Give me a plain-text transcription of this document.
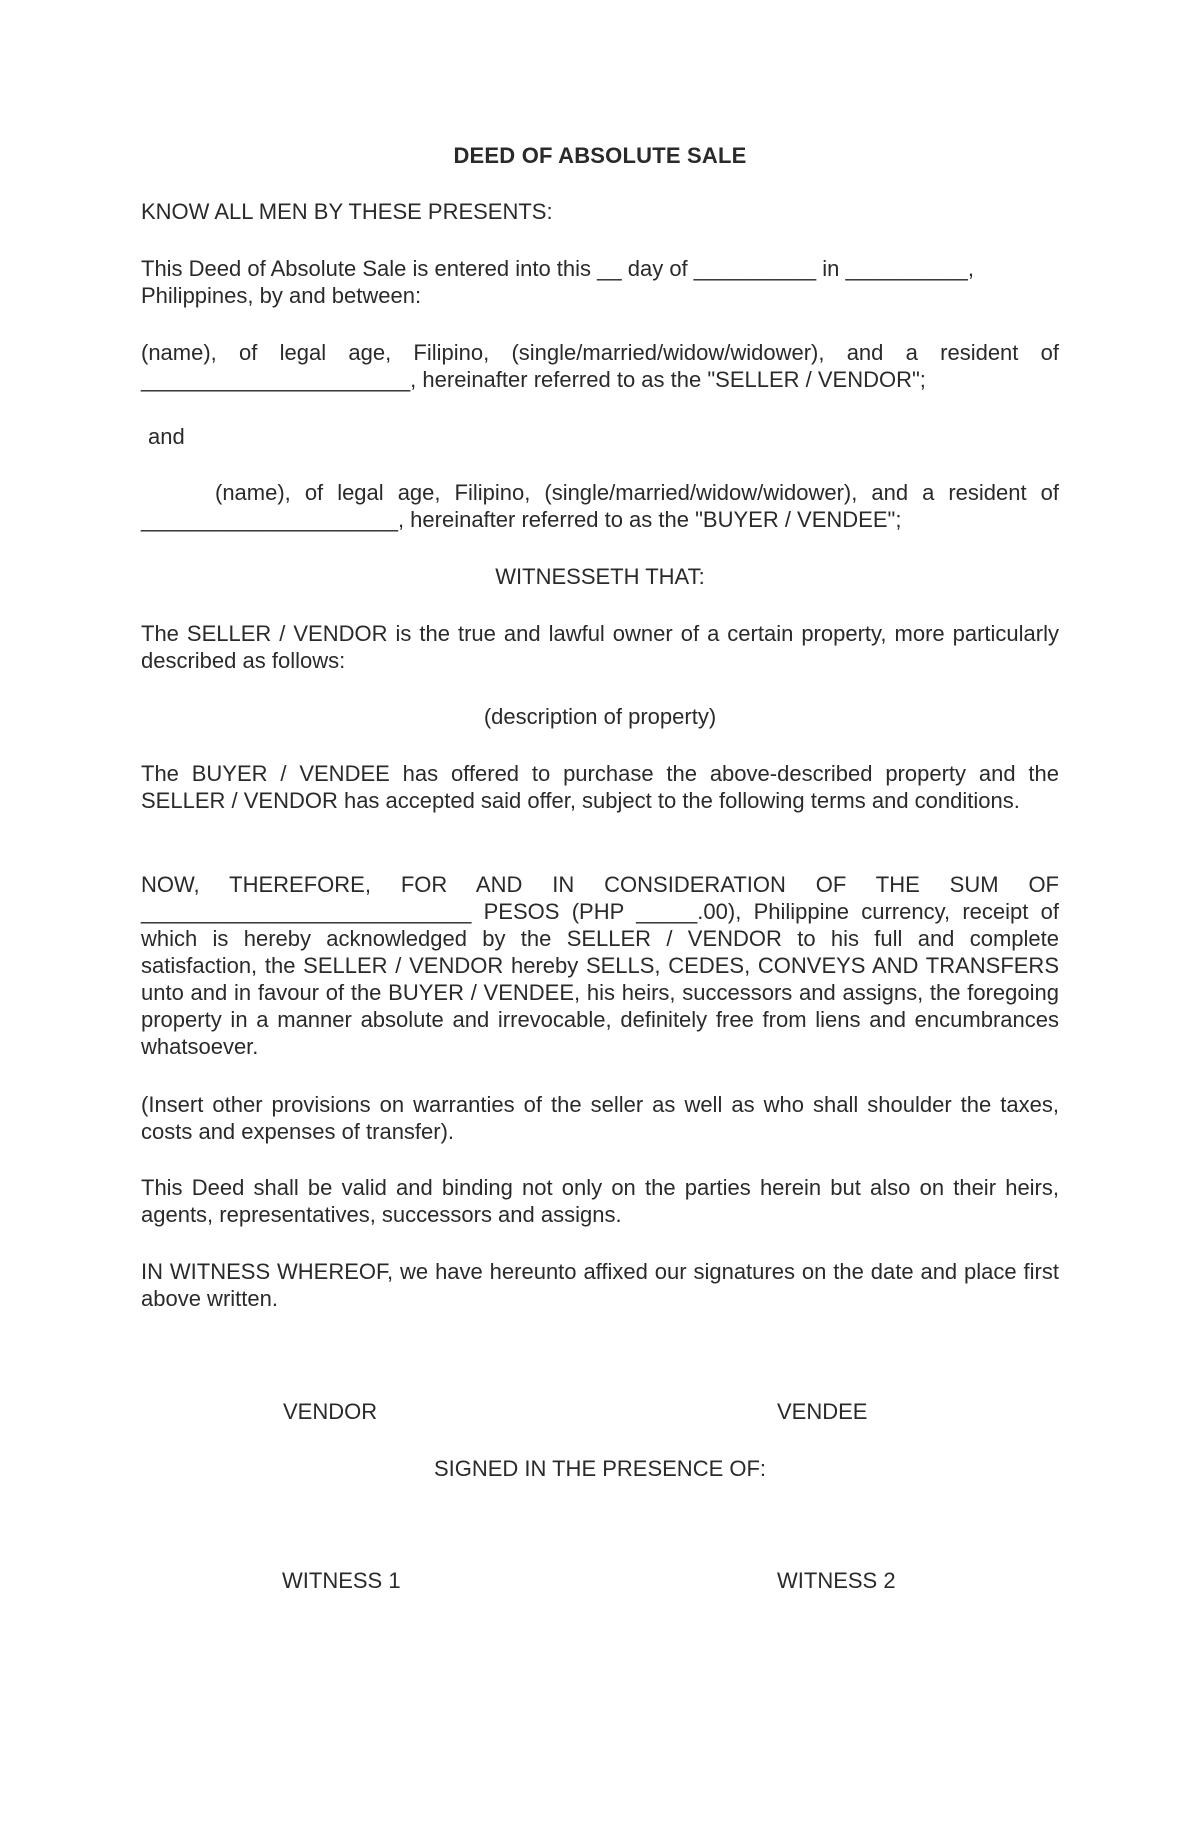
DEED OF ABSOLUTE SALE

KNOW ALL MEN BY THESE PRESENTS:

This Deed of Absolute Sale is entered into this __ day of __________ in __________, Philippines, by and between:

(name), of legal age, Filipino, (single/married/widow/widower), and a resident of ______________________, hereinafter referred to as the "SELLER / VENDOR";

and

(name), of legal age, Filipino, (single/married/widow/widower), and a resident of _____________________, hereinafter referred to as the "BUYER / VENDEE";

WITNESSETH THAT:

The SELLER / VENDOR is the true and lawful owner of a certain property, more particularly described as follows:

(description of property)

The BUYER / VENDEE has offered to purchase the above-described property and the SELLER / VENDOR has accepted said offer, subject to the following terms and conditions.

NOW, THEREFORE, FOR AND IN CONSIDERATION OF THE SUM OF ___________________________ PESOS (PHP _____.00), Philippine currency, receipt of which is hereby acknowledged by the SELLER / VENDOR to his full and complete satisfaction, the SELLER / VENDOR hereby SELLS, CEDES, CONVEYS AND TRANSFERS unto and in favour of the BUYER / VENDEE, his heirs, successors and assigns, the foregoing property in a manner absolute and irrevocable, definitely free from liens and encumbrances whatsoever.

(Insert other provisions on warranties of the seller as well as who shall shoulder the taxes, costs and expenses of transfer).

This Deed shall be valid and binding not only on the parties herein but also on their heirs, agents, representatives, successors and assigns.

IN WITNESS WHEREOF, we have hereunto affixed our signatures on the date and place first above written.

VENDOR	VENDEE

SIGNED IN THE PRESENCE OF:

WITNESS 1	WITNESS 2
